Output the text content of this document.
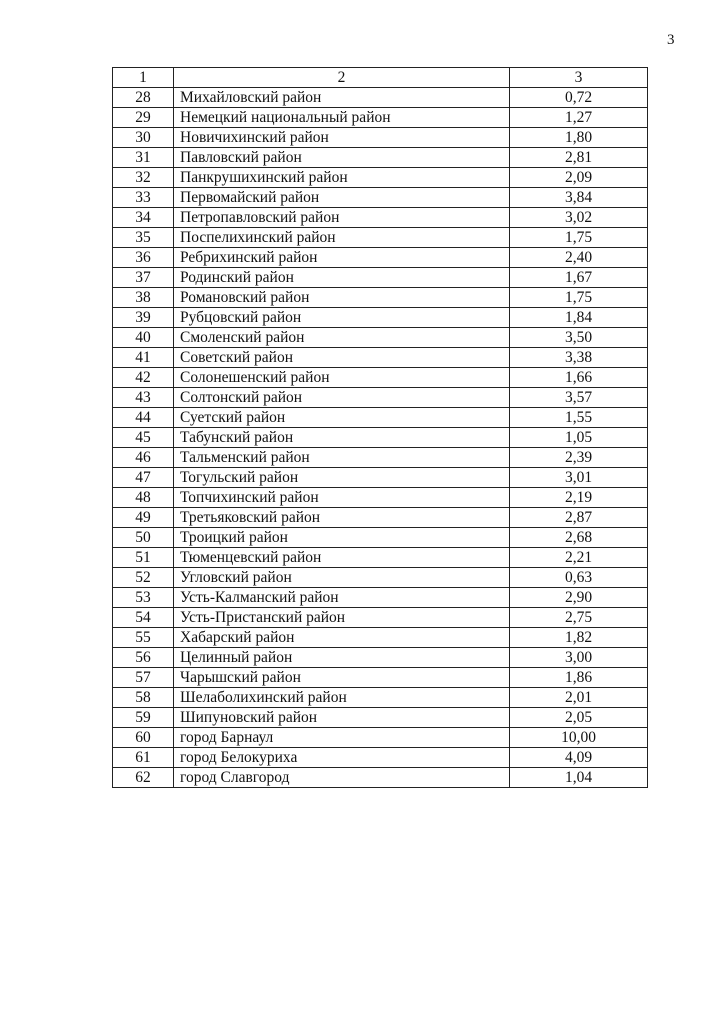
3
1	2	3
28	Михайловский район	0,72
29	Немецкий национальный район	1,27
30	Новичихинский район	1,80
31	Павловский район	2,81
32	Панкрушихинский район	2,09
33	Первомайский район	3,84
34	Петропавловский район	3,02
35	Поспелихинский район	1,75
36	Ребрихинский район	2,40
37	Родинский район	1,67
38	Романовский район	1,75
39	Рубцовский район	1,84
40	Смоленский район	3,50
41	Советский район	3,38
42	Солонешенский район	1,66
43	Солтонский район	3,57
44	Суетский район	1,55
45	Табунский район	1,05
46	Тальменский район	2,39
47	Тогульский район	3,01
48	Топчихинский район	2,19
49	Третьяковский район	2,87
50	Троицкий район	2,68
51	Тюменцевский район	2,21
52	Угловский район	0,63
53	Усть-Калманский район	2,90
54	Усть-Пристанский район	2,75
55	Хабарский район	1,82
56	Целинный район	3,00
57	Чарышский район	1,86
58	Шелаболихинский район	2,01
59	Шипуновский район	2,05
60	город Барнаул	10,00
61	город Белокуриха	4,09
62	город Славгород	1,04
